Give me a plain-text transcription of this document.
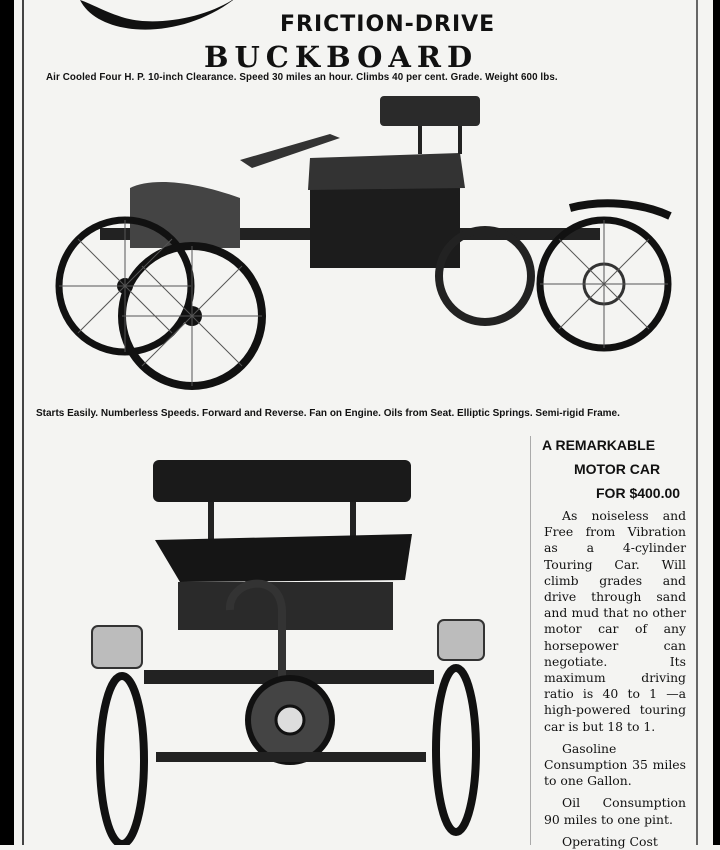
FRICTION-DRIVE
BUCKBOARD
Air Cooled Four H. P. 10-inch Clearance. Speed 30 miles an hour. Climbs 40 per cent. Grade. Weight 600 lbs.
Starts Easily. Numberless Speeds. Forward and Reverse. Fan on Engine. Oils from Seat. Elliptic Springs. Semi-rigid Frame.
A REMARKABLE
MOTOR CAR
FOR $400.00

As noiseless and Free from Vibration as a 4-cylinder Touring Car. Will climb grades and drive through sand and mud that no other motor car of any horsepower can negotiate. Its maximum driving ratio is 40 to 1 —a high-powered touring car is but 18 to 1.

Gasoline Consumption 35 miles to one Gallon.

Oil Consumption 90 miles to one pint.

Operating Cost
